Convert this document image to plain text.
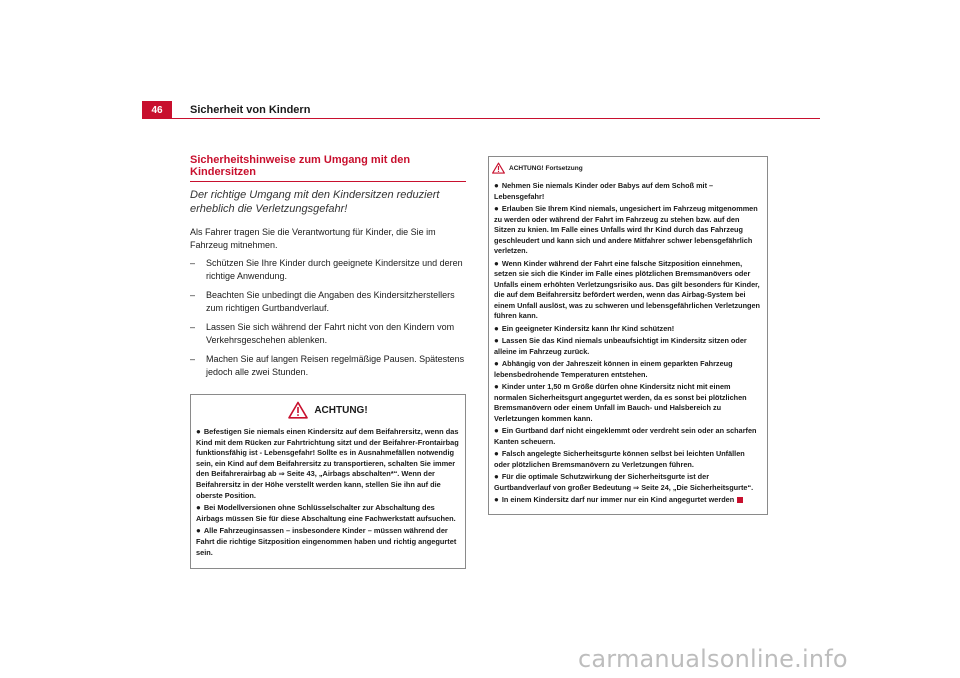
46 Sicherheit von Kindern
Sicherheitshinweise zum Umgang mit den Kindersitzen

Der richtige Umgang mit den Kindersitzen reduziert erheblich die Verletzungsgefahr!

Als Fahrer tragen Sie die Verantwortung für Kinder, die Sie im Fahrzeug mitnehmen.

– Schützen Sie Ihre Kinder durch geeignete Kindersitze und deren richtige Anwendung.
– Beachten Sie unbedingt die Angaben des Kindersitzherstellers zum richtigen Gurtbandverlauf.
– Lassen Sie sich während der Fahrt nicht von den Kindern vom Verkehrsgeschehen ablenken.
– Machen Sie auf langen Reisen regelmäßige Pausen. Spätestens jedoch alle zwei Stunden.
ACHTUNG!

● Befestigen Sie niemals einen Kindersitz auf dem Beifahrersitz, wenn das Kind mit dem Rücken zur Fahrtrichtung sitzt und der Beifahrer-Frontairbag funktionsfähig ist - Lebensgefahr! Sollte es in Ausnahmefällen notwendig sein, ein Kind auf dem Beifahrersitz zu transportieren, schalten Sie immer den Beifahrerairbag ab ⇒ Seite 43, „Airbags abschalten*“. Wenn der Beifahrersitz in der Höhe verstellt werden kann, stellen Sie ihn auf die oberste Position.

● Bei Modellversionen ohne Schlüsselschalter zur Abschaltung des Airbags müssen Sie für diese Abschaltung eine Fachwerkstatt aufsuchen.

● Alle Fahrzeuginsassen – insbesondere Kinder – müssen während der Fahrt die richtige Sitzposition eingenommen haben und richtig angegurtet sein.

ACHTUNG! Fortsetzung

● Nehmen Sie niemals Kinder oder Babys auf dem Schoß mit – Lebensgefahr!

● Erlauben Sie Ihrem Kind niemals, ungesichert im Fahrzeug mitgenommen zu werden oder während der Fahrt im Fahrzeug zu stehen bzw. auf den Sitzen zu knien. Im Falle eines Unfalls wird Ihr Kind durch das Fahrzeug geschleudert und kann sich und andere Mitfahrer schwer lebensgefährlich verletzen.

● Wenn Kinder während der Fahrt eine falsche Sitzposition einnehmen, setzen sie sich die Kinder im Falle eines plötzlichen Bremsmanövers oder Unfalls einem erhöhten Verletzungsrisiko aus. Das gilt besonders für Kinder, die auf dem Beifahrersitz befördert werden, wenn das Airbag-System bei einem Unfall auslöst, was zu schweren und lebensgefährlichen Verletzungen führen kann.

● Ein geeigneter Kindersitz kann Ihr Kind schützen!

● Lassen Sie das Kind niemals unbeaufsichtigt im Kindersitz sitzen oder alleine im Fahrzeug zurück.

● Abhängig von der Jahreszeit können in einem geparkten Fahrzeug lebensbedrohende Temperaturen entstehen.

● Kinder unter 1,50 m Größe dürfen ohne Kindersitz nicht mit einem normalen Sicherheitsgurt angegurtet werden, da es sonst bei plötzlichen Bremsmanövern oder einem Unfall im Bauch- und Halsbereich zu Verletzungen kommen kann.

● Ein Gurtband darf nicht eingeklemmt oder verdreht sein oder an scharfen Kanten scheuern.

● Falsch angelegte Sicherheitsgurte können selbst bei leichten Unfällen oder plötzlichen Bremsmanövern zu Verletzungen führen.

● Für die optimale Schutzwirkung der Sicherheitsgurte ist der Gurtbandverlauf von großer Bedeutung ⇒ Seite 24, „Die Sicherheitsgurte“.

● In einem Kindersitz darf nur immer nur ein Kind angegurtet werden

carmanualsonline.info
